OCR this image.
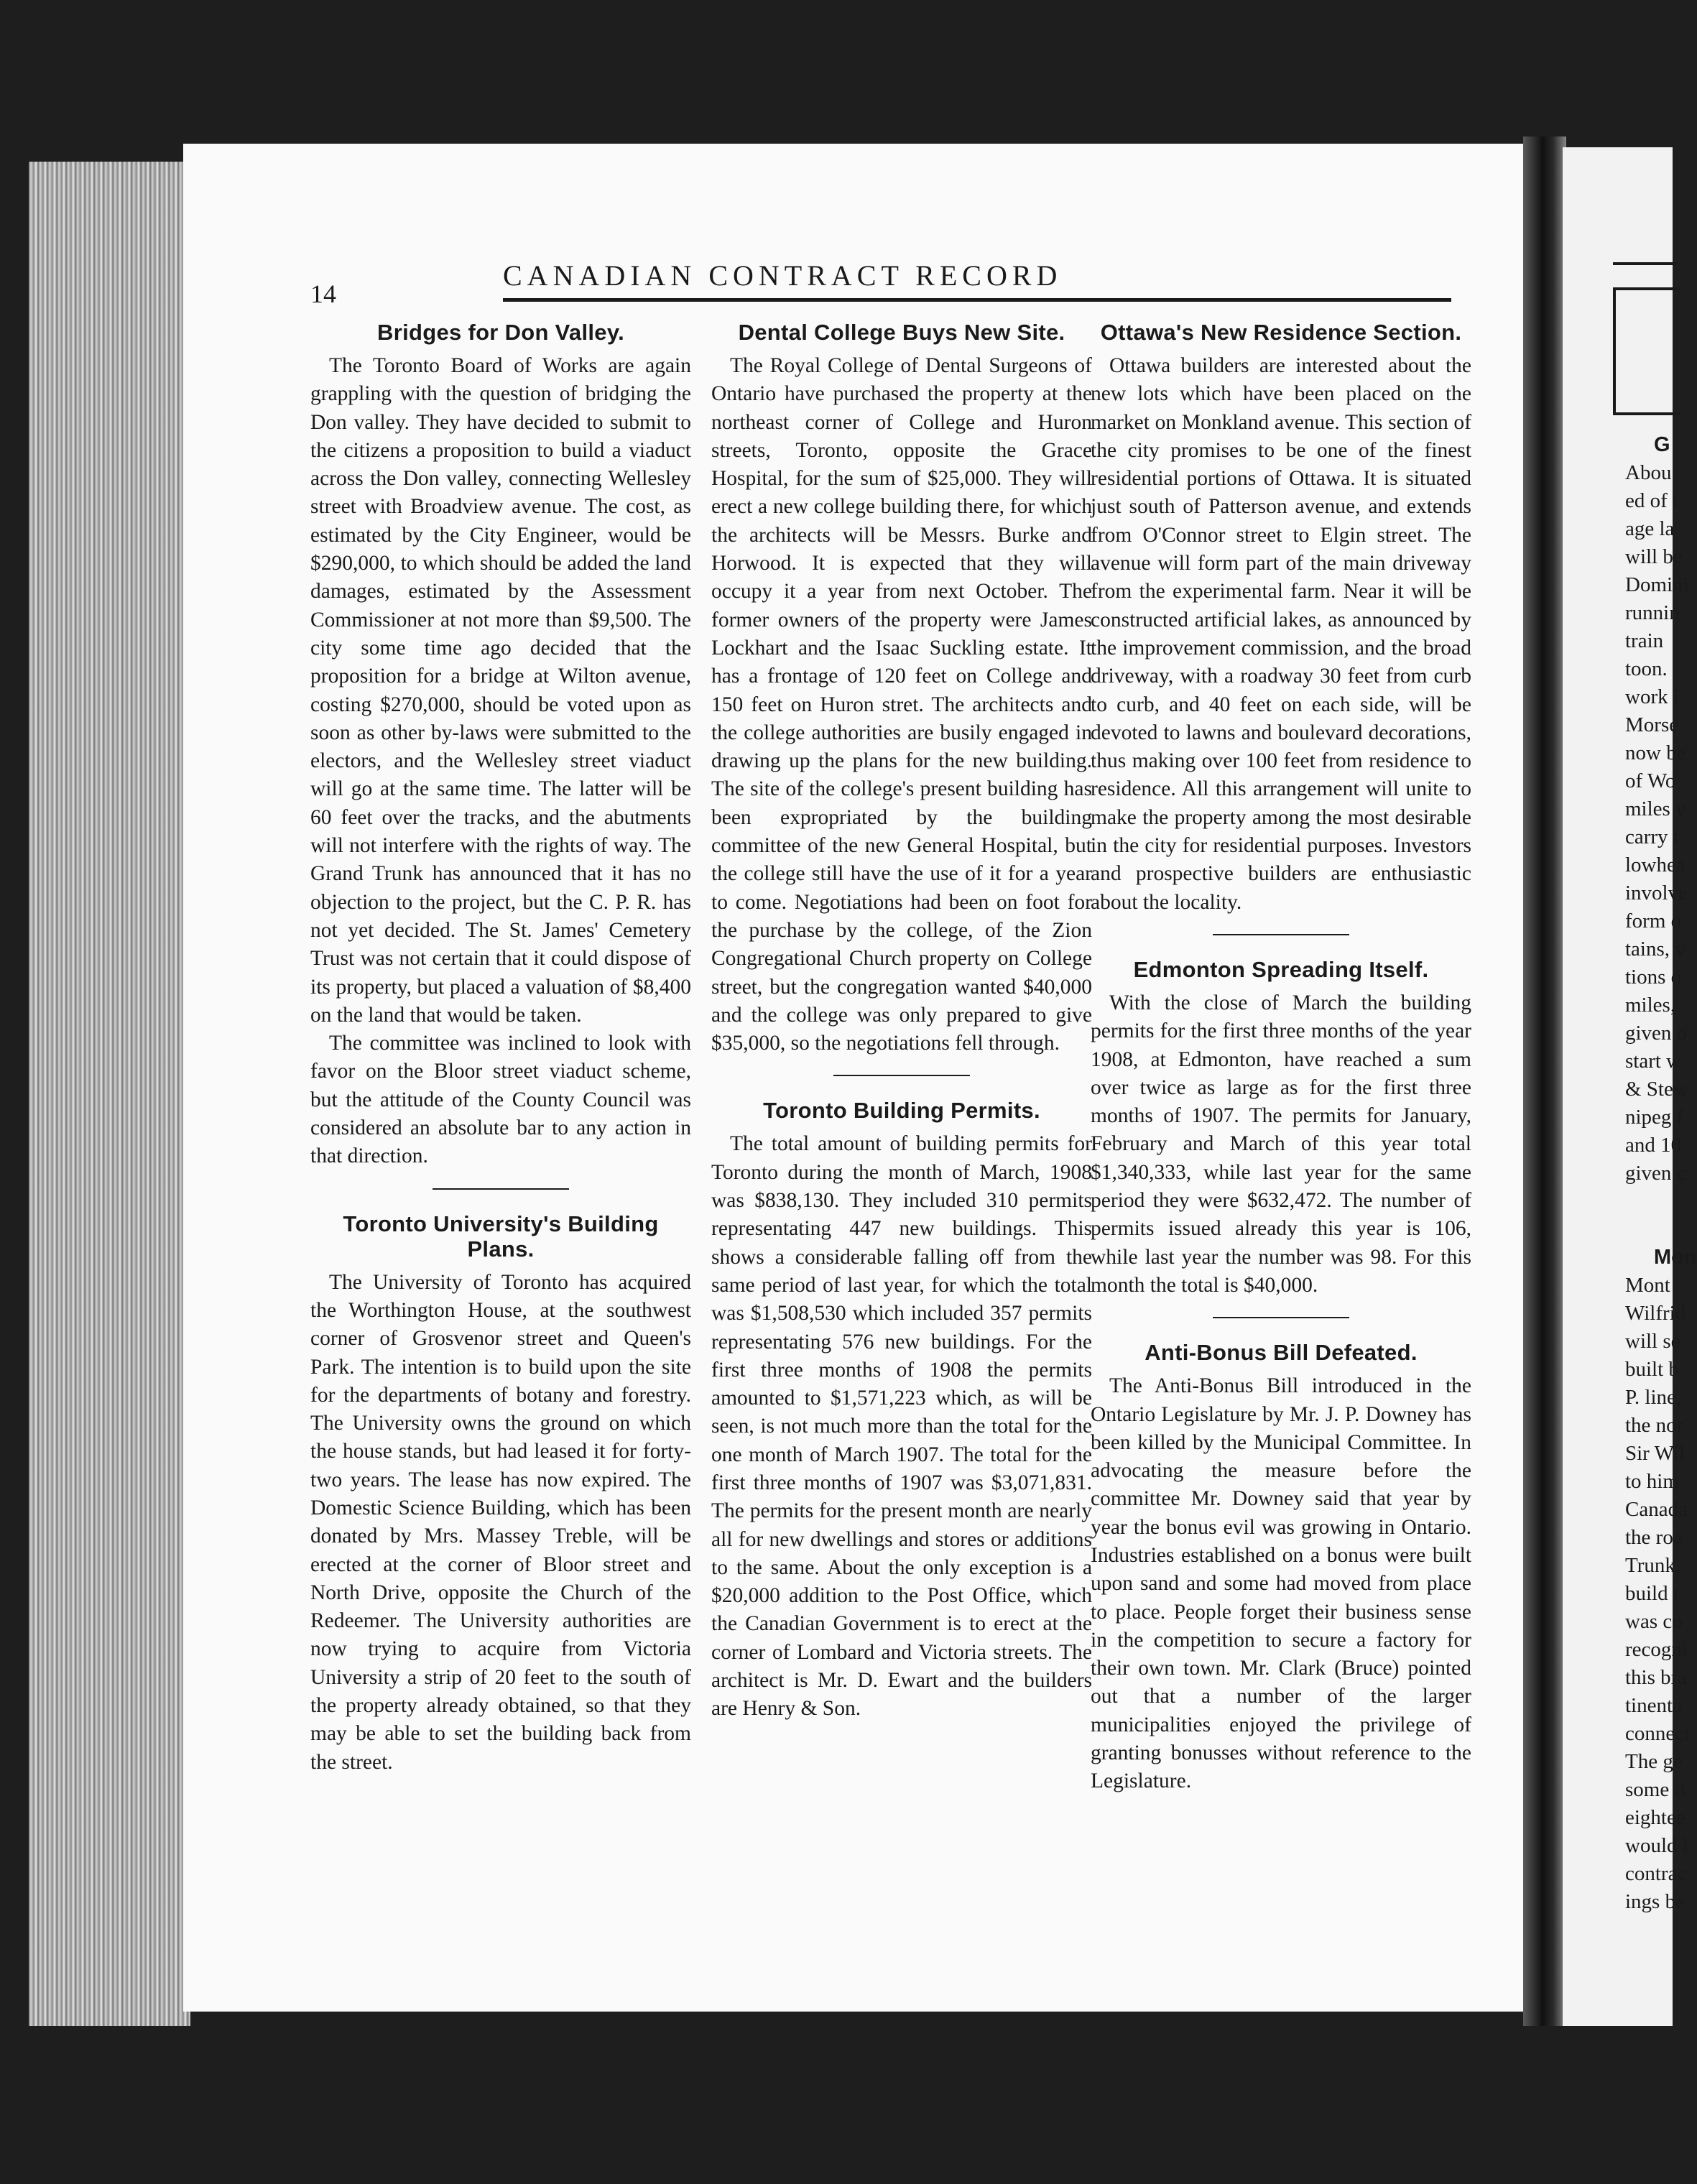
14
CANADIAN CONTRACT RECORD
Bridges for Don Valley.

The Toronto Board of Works are again grappling with the question of bridging the Don valley. They have decided to submit to the citizens a proposition to build a viaduct across the Don valley, connecting Wellesley street with Broadview avenue. The cost, as estimated by the City Engineer, would be $290,000, to which should be added the land damages, estimated by the Assessment Commissioner at not more than $9,500. The city some time ago decided that the proposition for a bridge at Wilton avenue, costing $270,000, should be voted upon as soon as other by-laws were submitted to the electors, and the Wellesley street viaduct will go at the same time. The latter will be 60 feet over the tracks, and the abutments will not interfere with the rights of way. The Grand Trunk has announced that it has no objection to the project, but the C. P. R. has not yet decided. The St. James' Cemetery Trust was not certain that it could dispose of its property, but placed a valuation of $8,400 on the land that would be taken.

The committee was inclined to look with favor on the Bloor street viaduct scheme, but the attitude of the County Council was considered an absolute bar to any action in that direction.

Toronto University's Building Plans.

The University of Toronto has acquired the Worthington House, at the southwest corner of Grosvenor street and Queen's Park. The intention is to build upon the site for the departments of botany and forestry. The University owns the ground on which the house stands, but had leased it for forty-two years. The lease has now expired. The Domestic Science Building, which has been donated by Mrs. Massey Treble, will be erected at the corner of Bloor street and North Drive, opposite the Church of the Redeemer. The University authorities are now trying to acquire from Victoria University a strip of 20 feet to the south of the property already obtained, so that they may be able to set the building back from the street.

Dental College Buys New Site.

The Royal College of Dental Surgeons of Ontario have purchased the property at the northeast corner of College and Huron streets, Toronto, opposite the Grace Hospital, for the sum of $25,000. They will erect a new college building there, for which the architects will be Messrs. Burke and Horwood. It is expected that they will occupy it a year from next October. The former owners of the property were James Lockhart and the Isaac Suckling estate. It has a frontage of 120 feet on College and 150 feet on Huron stret. The architects and the college authorities are busily engaged in drawing up the plans for the new building. The site of the college's present building has been expropriated by the building committee of the new General Hospital, but the college still have the use of it for a year to come. Negotiations had been on foot for the purchase by the college, of the Zion Congregational Church property on College street, but the congregation wanted $40,000 and the college was only prepared to give $35,000, so the negotiations fell through.

Toronto Building Permits.

The total amount of building permits for Toronto during the month of March, 1908 was $838,130. They included 310 permits representating 447 new buildings. This shows a considerable falling off from the same period of last year, for which the total was $1,508,530 which included 357 permits representating 576 new buildings. For the first three months of 1908 the permits amounted to $1,571,223 which, as will be seen, is not much more than the total for the one month of March 1907. The total for the first three months of 1907 was $3,071,831. The permits for the present month are nearly all for new dwellings and stores or additions to the same. About the only exception is a $20,000 addition to the Post Office, which the Canadian Government is to erect at the corner of Lombard and Victoria streets. The architect is Mr. D. Ewart and the builders are Henry & Son.

Ottawa's New Residence Section.

Ottawa builders are interested about the new lots which have been placed on the market on Monkland avenue. This section of the city promises to be one of the finest residential portions of Ottawa. It is situated just south of Patterson avenue, and extends from O'Connor street to Elgin street. The avenue will form part of the main driveway from the experimental farm. Near it will be constructed artificial lakes, as announced by the improvement commission, and the broad driveway, with a roadway 30 feet from curb to curb, and 40 feet on each side, will be devoted to lawns and boulevard decorations, thus making over 100 feet from residence to residence. All this arrangement will unite to make the property among the most desirable in the city for residential purposes. Investors and prospective builders are enthusiastic about the locality.

Edmonton Spreading Itself.

With the close of March the building permits for the first three months of the year 1908, at Edmonton, have reached a sum over twice as large as for the first three months of 1907. The permits for January, February and March of this year total $1,340,333, while last year for the same period they were $632,472. The number of permits issued already this year is 106, while last year the number was 98. For this month the total is $40,000.

Anti-Bonus Bill Defeated.

The Anti-Bonus Bill introduced in the Ontario Legislature by Mr. J. P. Downey has been killed by the Municipal Committee. In advocating the measure before the committee Mr. Downey said that year by year the bonus evil was growing in Ontario. Industries established on a bonus were built upon sand and some had moved from place to place. People forget their business sense in the competition to secure a factory for their own town. Mr. Clark (Bruce) pointed out that a number of the larger municipalities enjoyed the privilege of granting bonusses without reference to the Legislature.

G
Abou
ed of t
age la
will be
Domini
runnin
train
toon.
work i
Morse
now be
of Wo
miles v
carry t
lowhea
involve
form o
tains, v
tions o
miles,
given o
start w
& Stew
nipeg f
and 10
given c

Mon
Mont
Wilfrid
will se
built b
P. line,
the nor
Sir Wil
to him
Canada
the roa
Trunk,
build t
was co
recogni
this bra
tinenta
connect
The ge
some ti
eightee
would l
contrac
ings be
